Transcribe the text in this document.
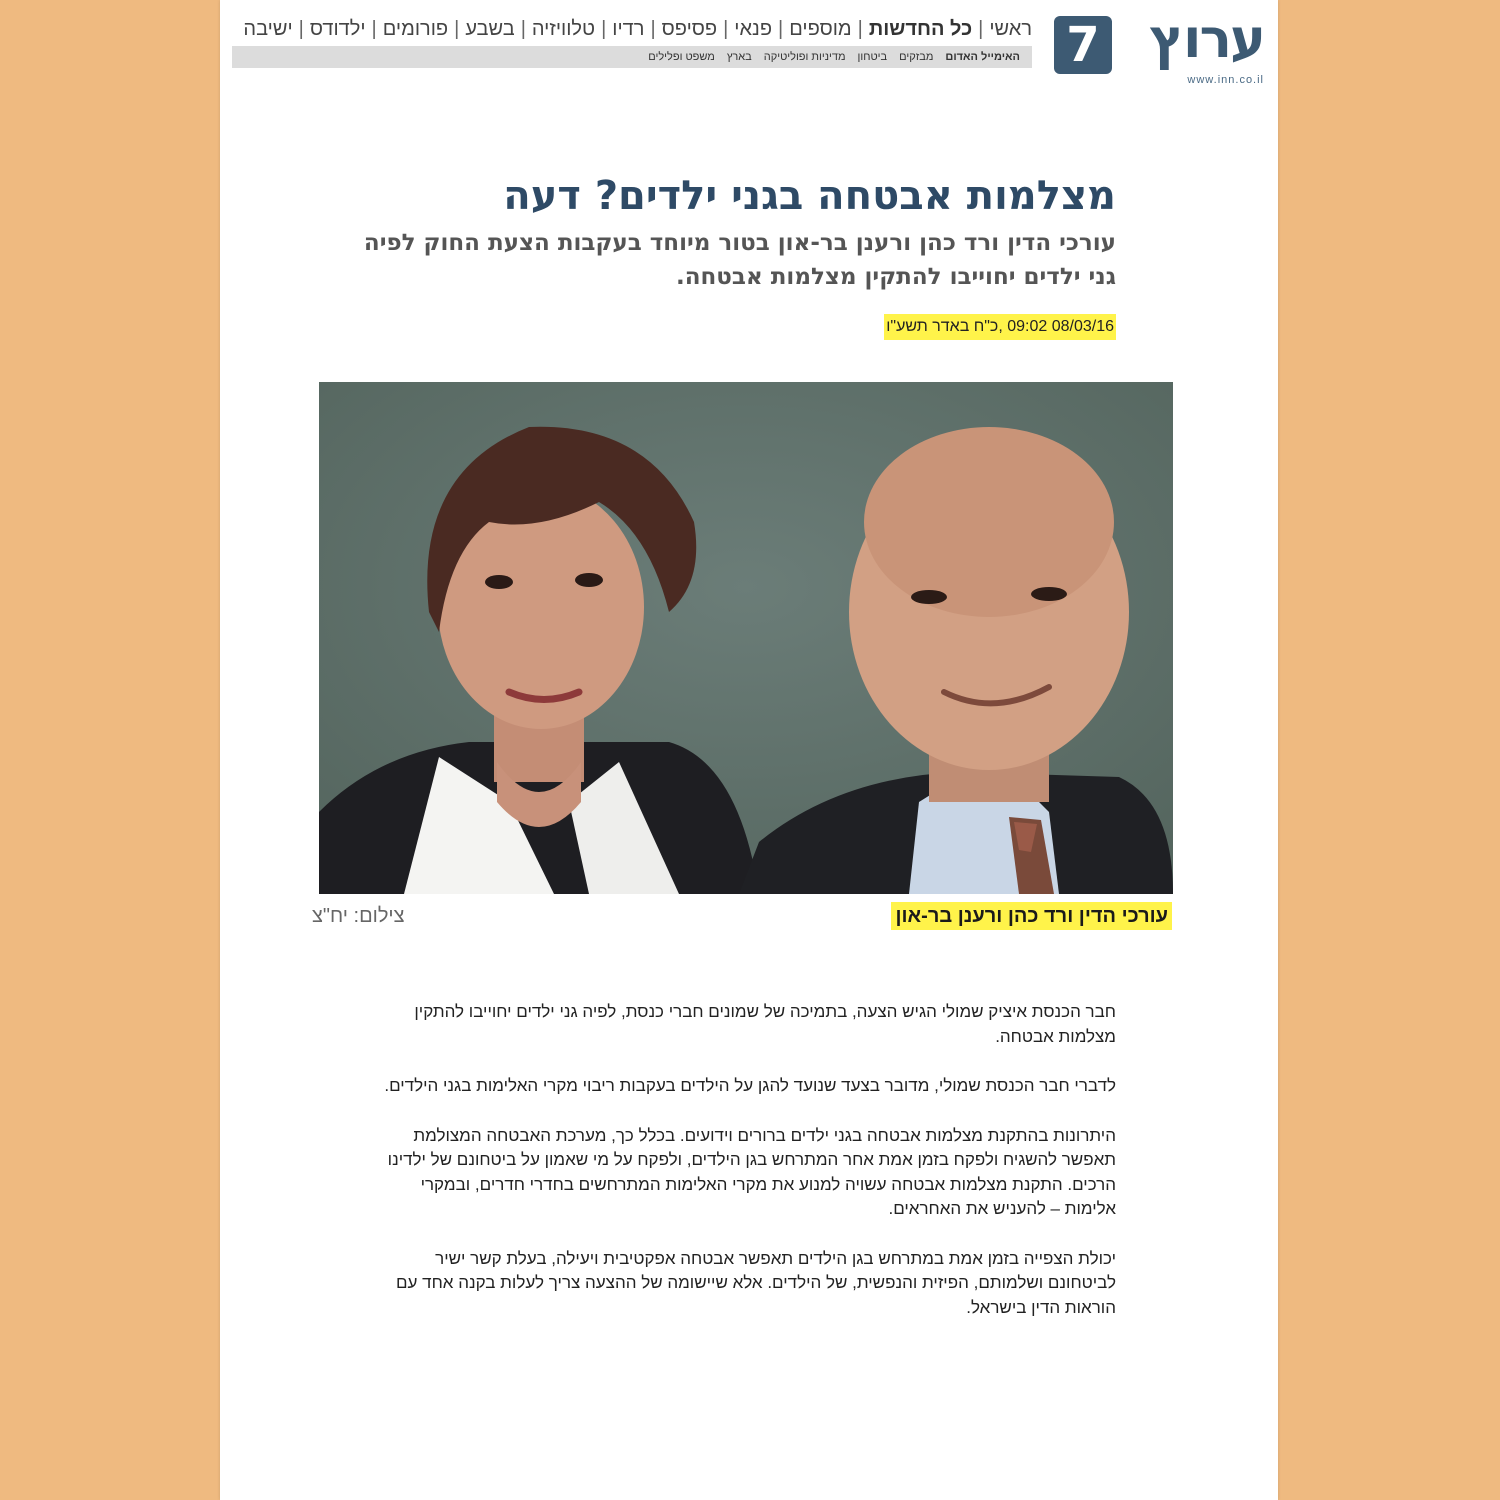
ערוץ
7
www.inn.co.il
ראשי|כל החדשות|מוספים|פנאי|פסיפס|רדיו|טלוויזיה|בשבע|פורומים|ילדודס|ישיבה
האימייל האדוםמבזקיםביטחוןמדיניות ופוליטיקהבארץמשפט ופלילים
מצלמות אבטחה בגני ילדים? דעה
עורכי הדין ורד כהן ורענן בר-און בטור מיוחד בעקבות הצעת החוק לפיה גני ילדים יחוייבו להתקין מצלמות אבטחה.
08/03/16 09:02 ,כ"ח באדר תשע"ו
עורכי הדין ורד כהן ורענן בר-און
צילום: יח"צ

חבר הכנסת איציק שמולי הגיש הצעה, בתמיכה של שמונים חברי כנסת, לפיה גני ילדים יחוייבו להתקין מצלמות אבטחה.

לדברי חבר הכנסת שמולי, מדובר בצעד שנועד להגן על הילדים בעקבות ריבוי מקרי האלימות בגני הילדים.

היתרונות בהתקנת מצלמות אבטחה בגני ילדים ברורים וידועים. בכלל כך, מערכת האבטחה המצולמת תאפשר להשגיח ולפקח בזמן אמת אחר המתרחש בגן הילדים, ולפקח על מי שאמון על ביטחונם של ילדינו הרכים. התקנת מצלמות אבטחה עשויה למנוע את מקרי האלימות המתרחשים בחדרי חדרים, ובמקרי אלימות – להעניש את האחראים.

יכולת הצפייה בזמן אמת במתרחש בגן הילדים תאפשר אבטחה אפקטיבית ויעילה, בעלת קשר ישיר לביטחונם ושלמותם, הפיזית והנפשית, של הילדים. אלא שיישומה של ההצעה צריך לעלות בקנה אחד עם הוראות הדין בישראל.
